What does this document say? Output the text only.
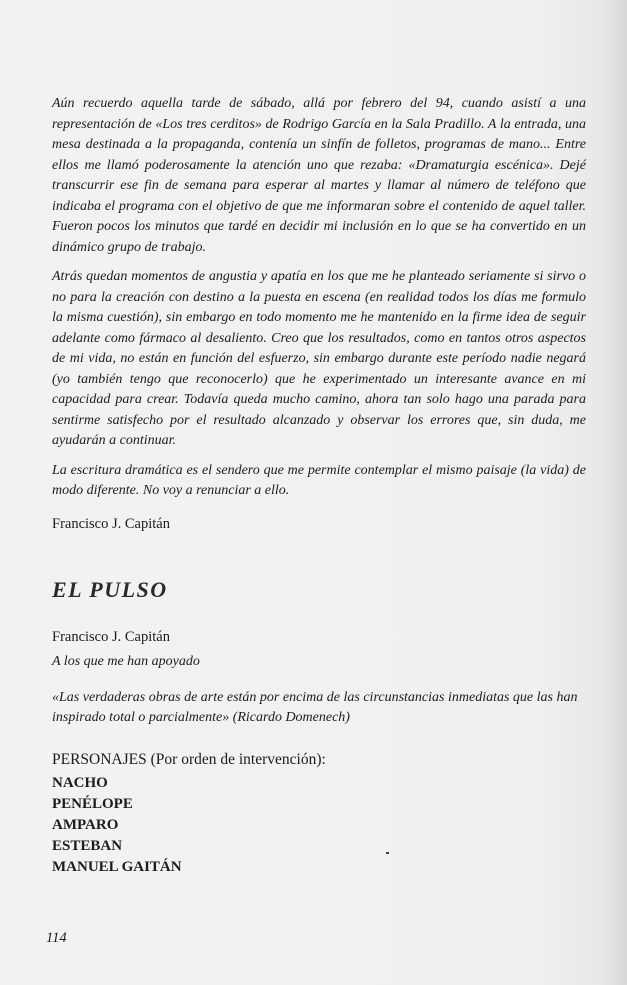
Aún recuerdo aquella tarde de sábado, allá por febrero del 94, cuando asistí a una representación de «Los tres cerditos» de Rodrigo García en la Sala Pradillo. A la entrada, una mesa destinada a la propaganda, contenía un sinfín de folletos, programas de mano... Entre ellos me llamó poderosamente la atención uno que rezaba: «Dramaturgia escénica». Dejé transcurrir ese fin de semana para esperar al martes y llamar al número de teléfono que indicaba el programa con el objetivo de que me informaran sobre el contenido de aquel taller. Fueron pocos los minutos que tardé en decidir mi inclusión en lo que se ha convertido en un dinámico grupo de trabajo.

Atrás quedan momentos de angustia y apatía en los que me he planteado seriamente si sirvo o no para la creación con destino a la puesta en escena (en realidad todos los días me formulo la misma cuestión), sin embargo en todo momento me he mantenido en la firme idea de seguir adelante como fármaco al desaliento. Creo que los resultados, como en tantos otros aspectos de mi vida, no están en función del esfuerzo, sin embargo durante este período nadie negará (yo también tengo que reconocerlo) que he experimentado un interesante avance en mi capacidad para crear. Todavía queda mucho camino, ahora tan solo hago una parada para sentirme satisfecho por el resultado alcanzado y observar los errores que, sin duda, me ayudarán a continuar.

La escritura dramática es el sendero que me permite contemplar el mismo paisaje (la vida) de modo diferente. No voy a renunciar a ello.

Francisco J. Capitán

EL PULSO

Francisco J. Capitán

A los que me han apoyado

«Las verdaderas obras de arte están por encima de las circunstancias inmediatas que las han inspirado total o parcialmente» (Ricardo Domenech)

PERSONAJES (Por orden de intervención):

NACHO

PENÉLOPE

AMPARO

ESTEBAN

MANUEL GAITÁN

114
